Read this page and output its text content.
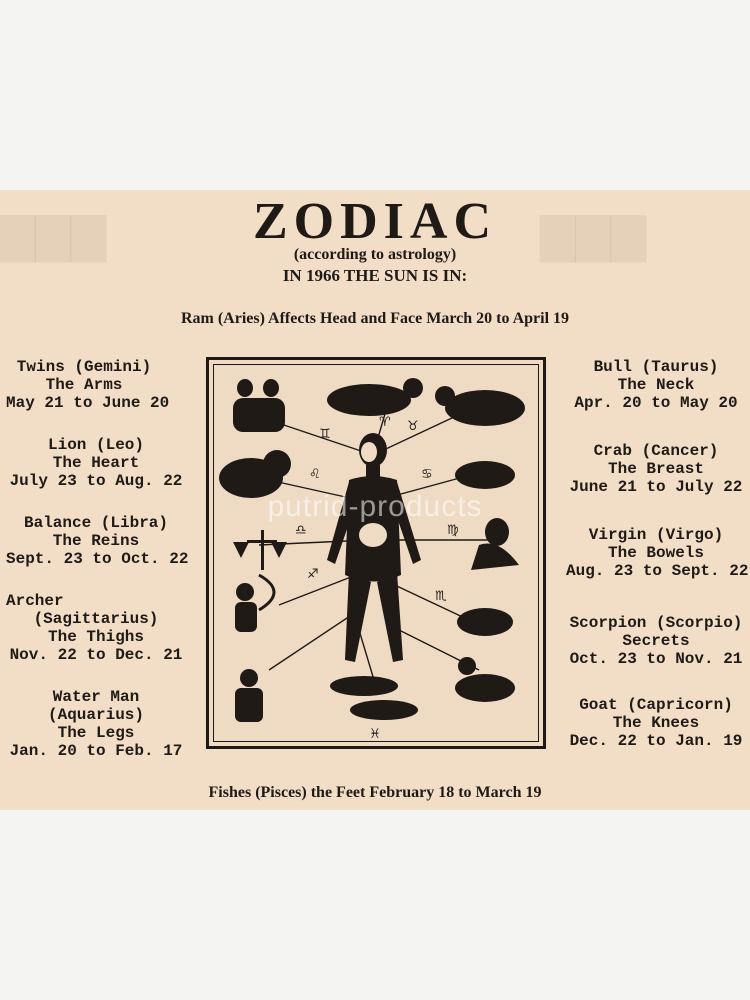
▇▇▇	▇▇▇
ZODIAC
(according to astrology)
IN 1966 THE SUN IS IN:
Ram (Aries) Affects Head and Face March 20 to April 19
Twins (Gemini)
The Arms
May 21 to June 20
Lion (Leo)
The Heart
July 23 to Aug. 22
Balance (Libra)
The Reins
Sept. 23 to Oct. 22
Archer
(Sagittarius)
The Thighs
Nov. 22 to Dec. 21
Water Man
(Aquarius)
The Legs
Jan. 20 to Feb. 17
Bull (Taurus)
The Neck
Apr. 20 to May 20
Crab (Cancer)
The Breast
June 21 to July 22
Virgin (Virgo)
The Bowels
Aug. 23 to Sept. 22
Scorpion (Scorpio)
Secrets
Oct. 23 to Nov. 21
Goat (Capricorn)
The Knees
Dec. 22 to Jan. 19
♊
♈ ♉
♌	♋
♎	♍
♐
♏
♓
Fishes (Pisces) the Feet February 18 to March 19
putrid-products
